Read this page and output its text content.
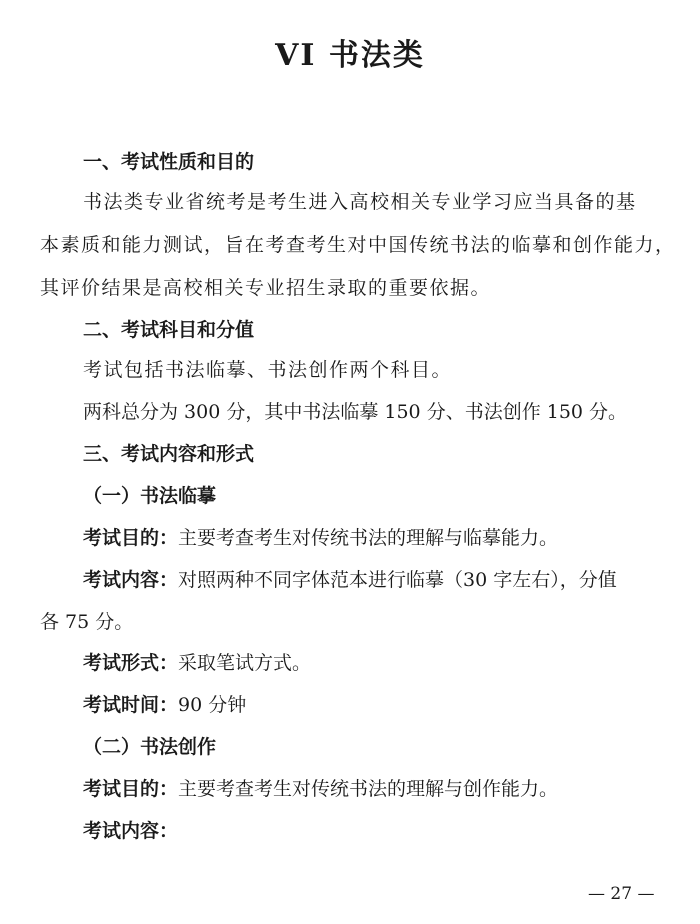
VI 书法类
一、考试性质和目的
书法类专业省统考是考生进入高校相关专业学习应当具备的基
本素质和能力测试，旨在考查考生对中国传统书法的临摹和创作能力，
其评价结果是高校相关专业招生录取的重要依据。
二、考试科目和分值
考试包括书法临摹、书法创作两个科目。
两科总分为 300 分，其中书法临摹 150 分、书法创作 150 分。
三、考试内容和形式
（一）书法临摹
考试目的：主要考查考生对传统书法的理解与临摹能力。
考试内容：对照两种不同字体范本进行临摹（30 字左右），分值
各 75 分。
考试形式：采取笔试方式。
考试时间：90 分钟
（二）书法创作
考试目的：主要考查考生对传统书法的理解与创作能力。
考试内容：
— 27 —
